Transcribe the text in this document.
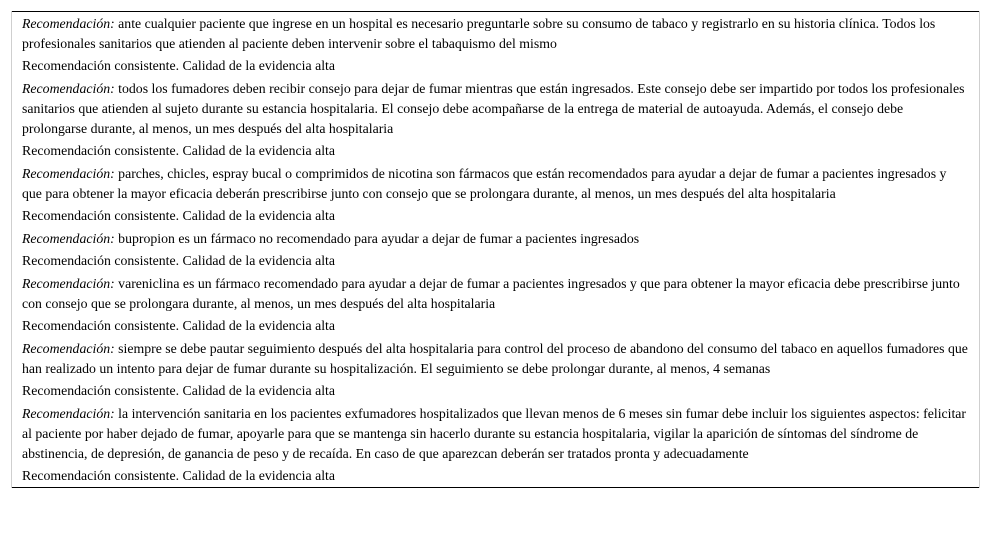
Recomendación: ante cualquier paciente que ingrese en un hospital es necesario preguntarle sobre su consumo de tabaco y registrarlo en su historia clínica. Todos los profesionales sanitarios que atienden al paciente deben intervenir sobre el tabaquismo del mismo
Recomendación consistente. Calidad de la evidencia alta
Recomendación: todos los fumadores deben recibir consejo para dejar de fumar mientras que están ingresados. Este consejo debe ser impartido por todos los profesionales sanitarios que atienden al sujeto durante su estancia hospitalaria. El consejo debe acompañarse de la entrega de material de autoayuda. Además, el consejo debe prolongarse durante, al menos, un mes después del alta hospitalaria
Recomendación consistente. Calidad de la evidencia alta
Recomendación: parches, chicles, espray bucal o comprimidos de nicotina son fármacos que están recomendados para ayudar a dejar de fumar a pacientes ingresados y que para obtener la mayor eficacia deberán prescribirse junto con consejo que se prolongara durante, al menos, un mes después del alta hospitalaria
Recomendación consistente. Calidad de la evidencia alta
Recomendación: bupropion es un fármaco no recomendado para ayudar a dejar de fumar a pacientes ingresados
Recomendación consistente. Calidad de la evidencia alta
Recomendación: vareniclina es un fármaco recomendado para ayudar a dejar de fumar a pacientes ingresados y que para obtener la mayor eficacia debe prescribirse junto con consejo que se prolongara durante, al menos, un mes después del alta hospitalaria
Recomendación consistente. Calidad de la evidencia alta
Recomendación: siempre se debe pautar seguimiento después del alta hospitalaria para control del proceso de abandono del consumo del tabaco en aquellos fumadores que han realizado un intento para dejar de fumar durante su hospitalización. El seguimiento se debe prolongar durante, al menos, 4 semanas
Recomendación consistente. Calidad de la evidencia alta
Recomendación: la intervención sanitaria en los pacientes exfumadores hospitalizados que llevan menos de 6 meses sin fumar debe incluir los siguientes aspectos: felicitar al paciente por haber dejado de fumar, apoyarle para que se mantenga sin hacerlo durante su estancia hospitalaria, vigilar la aparición de síntomas del síndrome de abstinencia, de depresión, de ganancia de peso y de recaída. En caso de que aparezcan deberán ser tratados pronta y adecuadamente
Recomendación consistente. Calidad de la evidencia alta
